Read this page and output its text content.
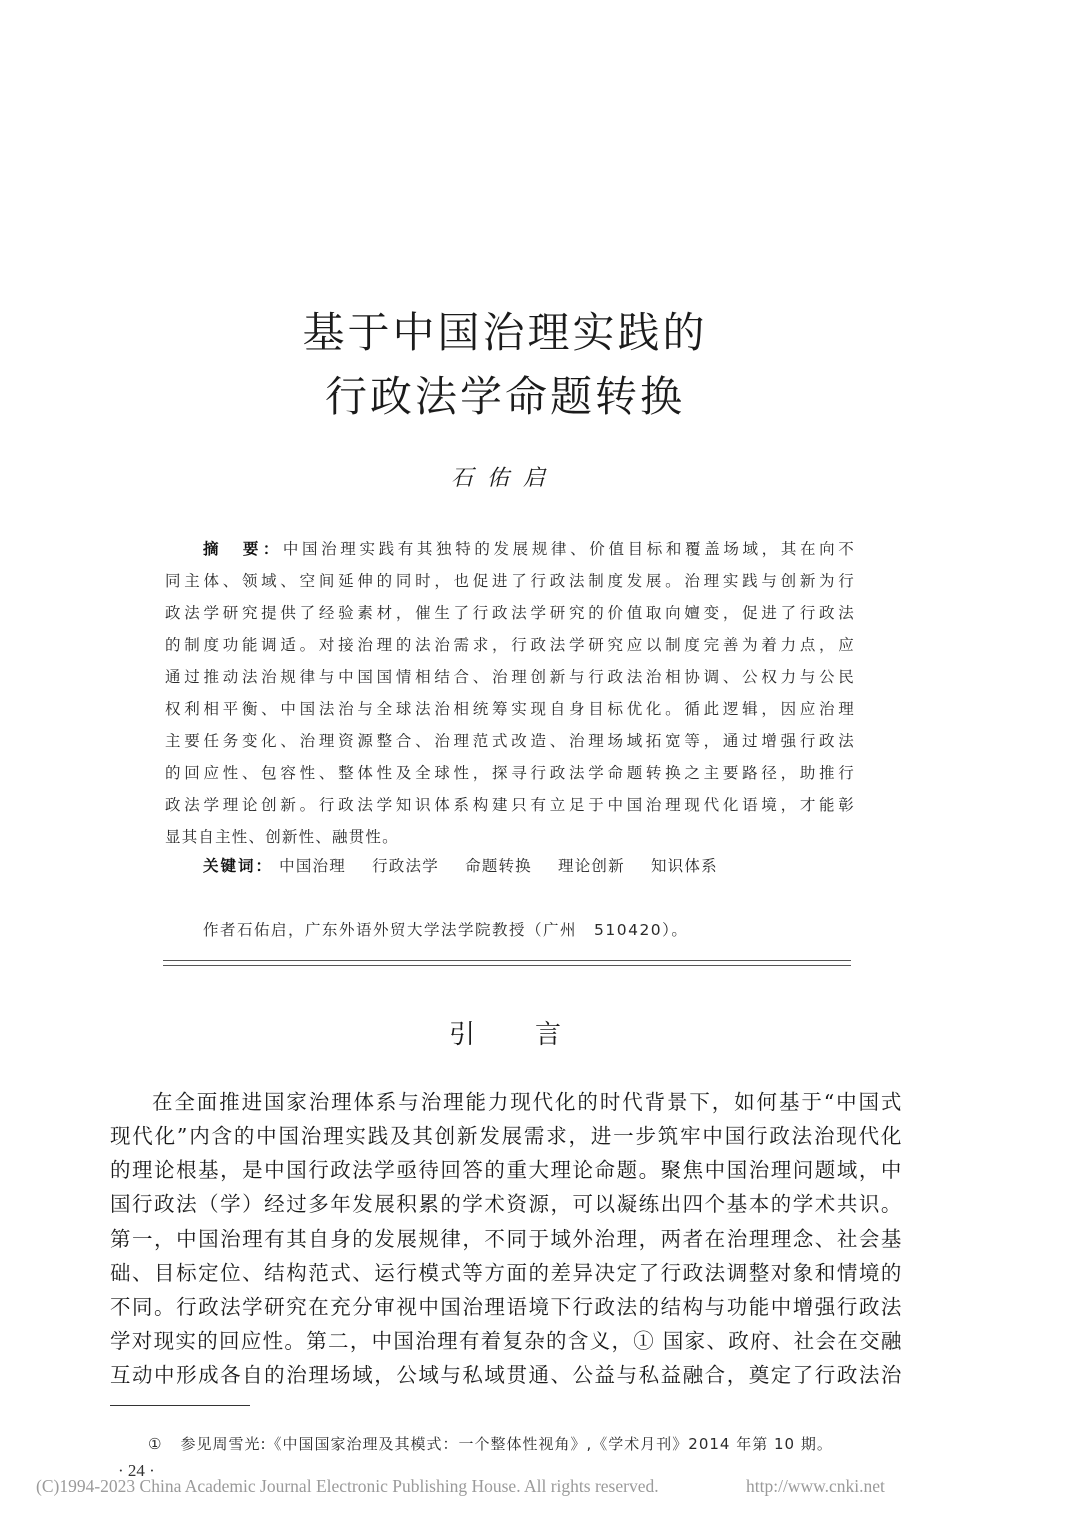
基于中国治理实践的
行政法学命题转换
石佑启
摘　要：中国治理实践有其独特的发展规律、价值目标和覆盖场域，其在向不
同主体、领域、空间延伸的同时，也促进了行政法制度发展。治理实践与创新为行
政法学研究提供了经验素材，催生了行政法学研究的价值取向嬗变，促进了行政法
的制度功能调适。对接治理的法治需求，行政法学研究应以制度完善为着力点，应
通过推动法治规律与中国国情相结合、治理创新与行政法治相协调、公权力与公民
权利相平衡、中国法治与全球法治相统筹实现自身目标优化。循此逻辑，因应治理
主要任务变化、治理资源整合、治理范式改造、治理场域拓宽等，通过增强行政法
的回应性、包容性、整体性及全球性，探寻行政法学命题转换之主要路径，助推行
政法学理论创新。行政法学知识体系构建只有立足于中国治理现代化语境，才能彰
显其自主性、创新性、融贯性。
关键词： 中国治理 行政法学 命题转换 理论创新 知识体系
作者石佑启，广东外语外贸大学法学院教授（广州　510420）。
引言
在全面推进国家治理体系与治理能力现代化的时代背景下，如何基于“中国式
现代化”内含的中国治理实践及其创新发展需求，进一步筑牢中国行政法治现代化
的理论根基，是中国行政法学亟待回答的重大理论命题。聚焦中国治理问题域，中
国行政法（学）经过多年发展积累的学术资源，可以凝练出四个基本的学术共识。
第一，中国治理有其自身的发展规律，不同于域外治理，两者在治理理念、社会基
础、目标定位、结构范式、运行模式等方面的差异决定了行政法调整对象和情境的
不同。行政法学研究在充分审视中国治理语境下行政法的结构与功能中增强行政法
学对现实的回应性。第二，中国治理有着复杂的含义，① 国家、政府、社会在交融
互动中形成各自的治理场域，公域与私域贯通、公益与私益融合，奠定了行政法治
① 参见周雪光:《中国国家治理及其模式：一个整体性视角》,《学术月刊》2014 年第 10 期。
· 24 ·
(C)1994-2023 China Academic Journal Electronic Publishing House. All rights reserved.	http://www.cnki.net
